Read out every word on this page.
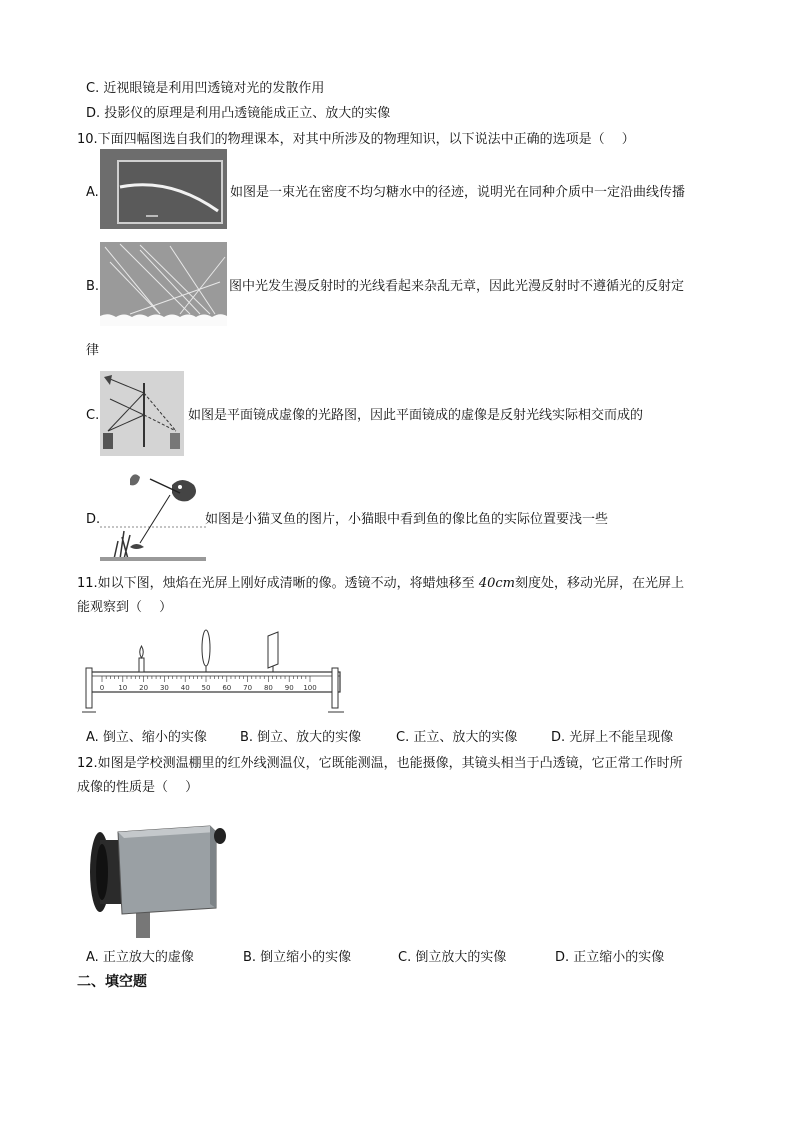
C. 近视眼镜是利用凹透镜对光的发散作用
D. 投影仪的原理是利用凸透镜能成正立、放大的实像
10.下面四幅图选自我们的物理课本，对其中所涉及的物理知识，以下说法中正确的选项是（　 ）
A.	如图是一束光在密度不均匀糖水中的径迹，说明光在同种介质中一定沿曲线传播
B.	图中光发生漫反射时的光线看起来杂乱无章，因此光漫反射时不遵循光的反射定
律
C.	如图是平面镜成虚像的光路图，因此平面镜成的虚像是反射光线实际相交而成的
D.	如图是小猫叉鱼的图片，小猫眼中看到鱼的像比鱼的实际位置要浅一些
11.如以下图，烛焰在光屏上刚好成清晰的像。透镜不动，将蜡烛移至 40cm刻度处，移动光屏，在光屏上
能观察到（　 ）
0 10 20 30 40 50 60 70 80 90 100
A. 倒立、缩小的实像	B. 倒立、放大的实像	C. 正立、放大的实像	D. 光屏上不能呈现像
12.如图是学校测温棚里的红外线测温仪，它既能测温，也能摄像，其镜头相当于凸透镜，它正常工作时所
成像的性质是（　 ）
A. 正立放大的虚像	B. 倒立缩小的实像	C. 倒立放大的实像	D. 正立缩小的实像
二、填空题
